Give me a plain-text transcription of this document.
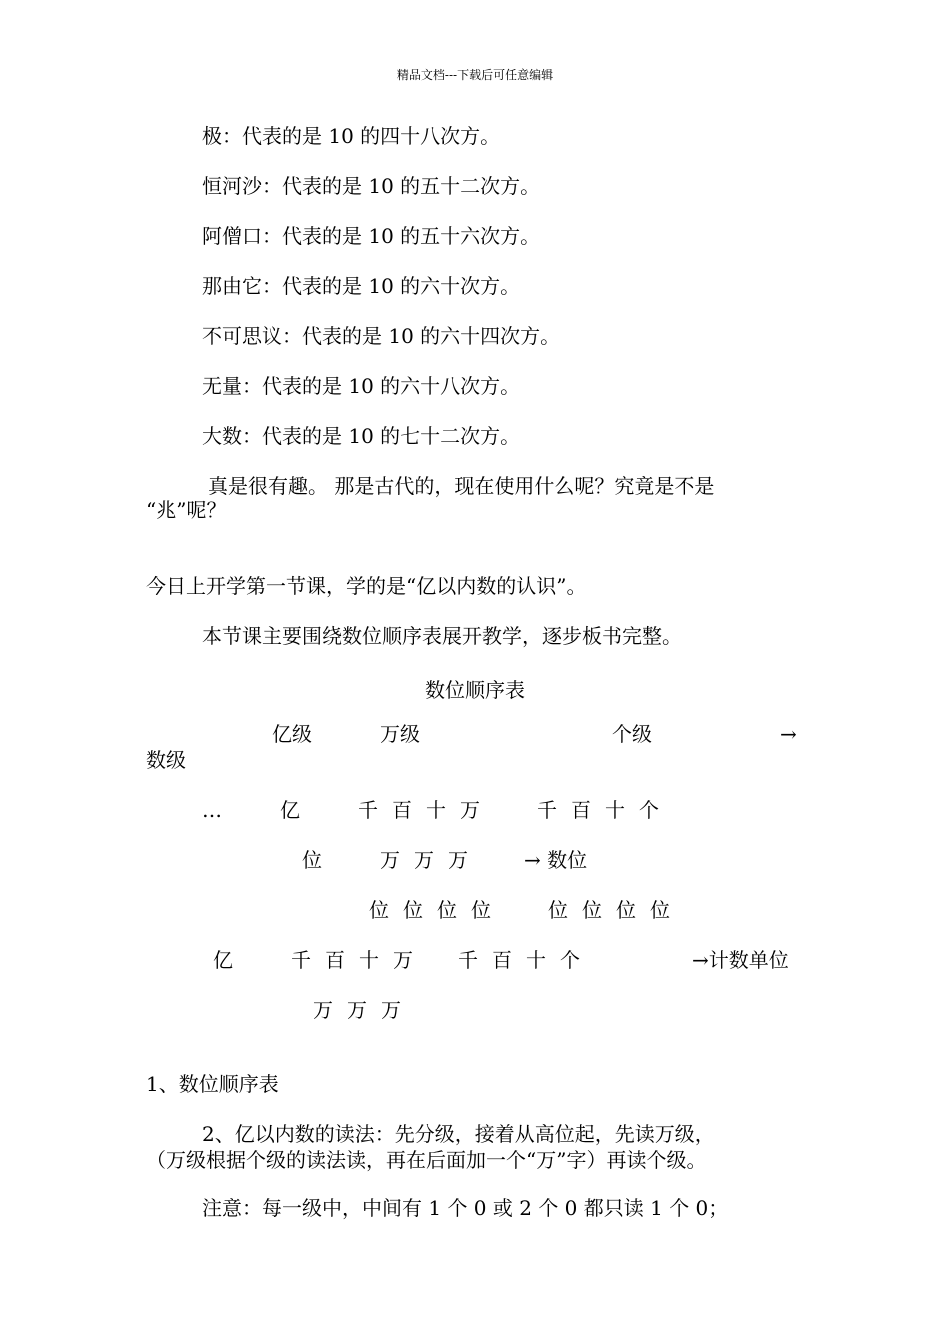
精品文档---下载后可任意编辑
极：代表的是 10 的四十八次方。
恒河沙：代表的是 10 的五十二次方。
阿僧口：代表的是 10 的五十六次方。
那由它：代表的是 10 的六十次方。
不可思议：代表的是 10 的六十四次方。
无量：代表的是 10 的六十八次方。
大数：代表的是 10 的七十二次方。
真是很有趣。 那是古代的，现在使用什么呢？究竟是不是
“兆”呢？
今日上开学第一节课，学的是“亿以内数的认识”。
本节课主要围绕数位顺序表展开教学，逐步板书完整。
数位顺序表
亿级	万级	个级	→
数级
…	亿	千 百 十 万	千 百 十 个
位	万 万 万	→ 数位
位 位 位 位	位 位 位 位
亿	千 百 十 万 千 百 十 个	→计数单位
万 万 万
1、数位顺序表
2、亿以内数的读法：先分级，接着从高位起，先读万级，
（万级根据个级的读法读，再在后面加一个“万”字）再读个级。
注意：每一级中，中间有 1 个 0 或 2 个 0 都只读 1 个 0；
